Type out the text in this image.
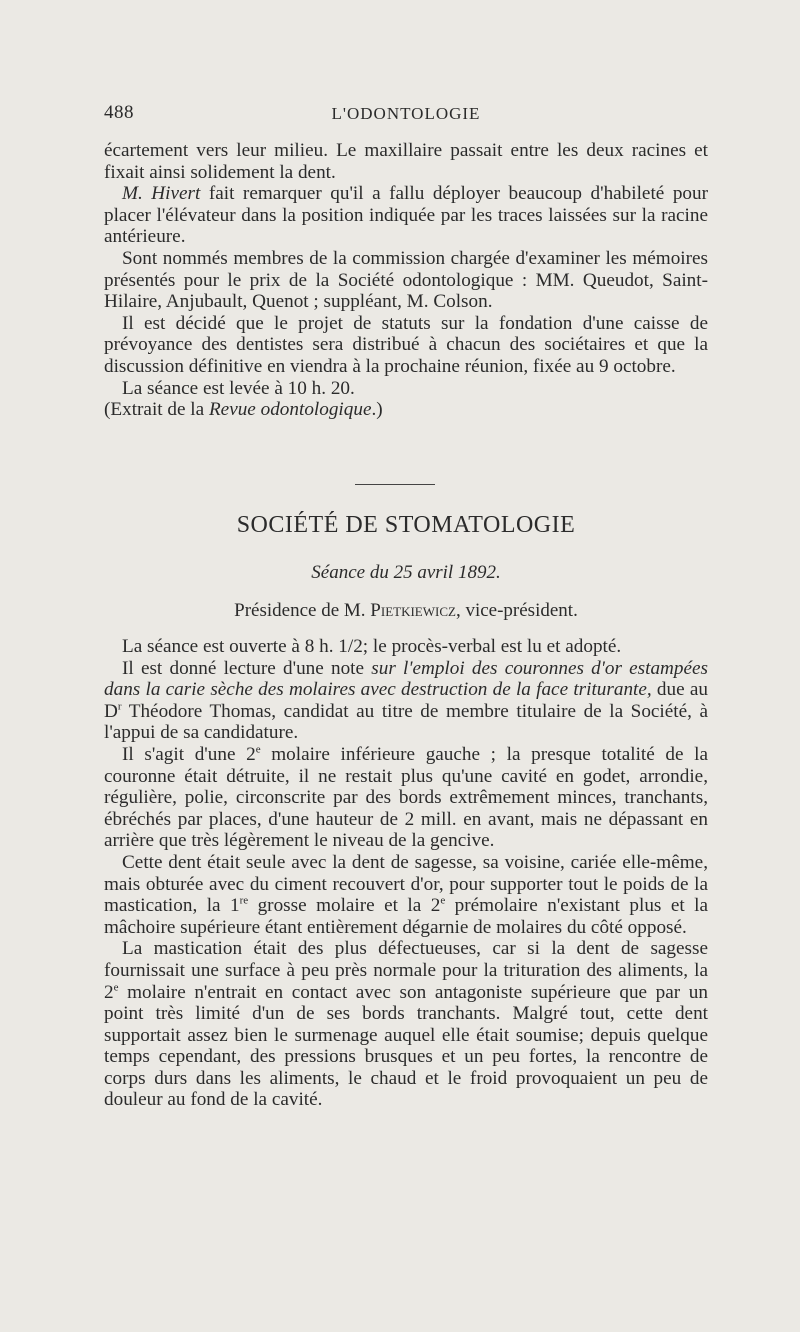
488	L'ODONTOLOGIE

écartement vers leur milieu. Le maxillaire passait entre les deux racines et fixait ainsi solidement la dent.

M. Hivert fait remarquer qu'il a fallu déployer beaucoup d'habileté pour placer l'élévateur dans la position indiquée par les traces laissées sur la racine antérieure.

Sont nommés membres de la commission chargée d'examiner les mémoires présentés pour le prix de la Société odontologique : MM. Queudot, Saint-Hilaire, Anjubault, Quenot ; suppléant, M. Colson.

Il est décidé que le projet de statuts sur la fondation d'une caisse de prévoyance des dentistes sera distribué à chacun des sociétaires et que la discussion définitive en viendra à la prochaine réunion, fixée au 9 octobre.

La séance est levée à 10 h. 20.

(Extrait de la Revue odontologique.)

SOCIÉTÉ DE STOMATOLOGIE
Séance du 25 avril 1892.
Présidence de M. Pietkiewicz, vice-président.

La séance est ouverte à 8 h. 1/2; le procès-verbal est lu et adopté.

Il est donné lecture d'une note sur l'emploi des couronnes d'or estampées dans la carie sèche des molaires avec destruction de la face triturante, due au $D^r$ Théodore Thomas, candidat au titre de membre titulaire de la Société, à l'appui de sa candidature.

Il s'agit d'une 2e molaire inférieure gauche ; la presque totalité de la couronne était détruite, il ne restait plus qu'une cavité en godet, arrondie, régulière, polie, circonscrite par des bords extrêmement minces, tranchants, ébréchés par places, d'une hauteur de 2 mill. en avant, mais ne dépassant en arrière que très légèrement le niveau de la gencive.

Cette dent était seule avec la dent de sagesse, sa voisine, cariée elle-même, mais obturée avec du ciment recouvert d'or, pour supporter tout le poids de la mastication, la 1re grosse molaire et la 2e prémolaire n'existant plus et la mâchoire supérieure étant entièrement dégarnie de molaires du côté opposé.

La mastication était des plus défectueuses, car si la dent de sagesse fournissait une surface à peu près normale pour la trituration des aliments, la 2e molaire n'entrait en contact avec son antagoniste supérieure que par un point très limité d'un de ses bords tranchants. Malgré tout, cette dent supportait assez bien le surmenage auquel elle était soumise; depuis quelque temps cependant, des pressions brusques et un peu fortes, la rencontre de corps durs dans les aliments, le chaud et le froid provoquaient un peu de douleur au fond de la cavité.
